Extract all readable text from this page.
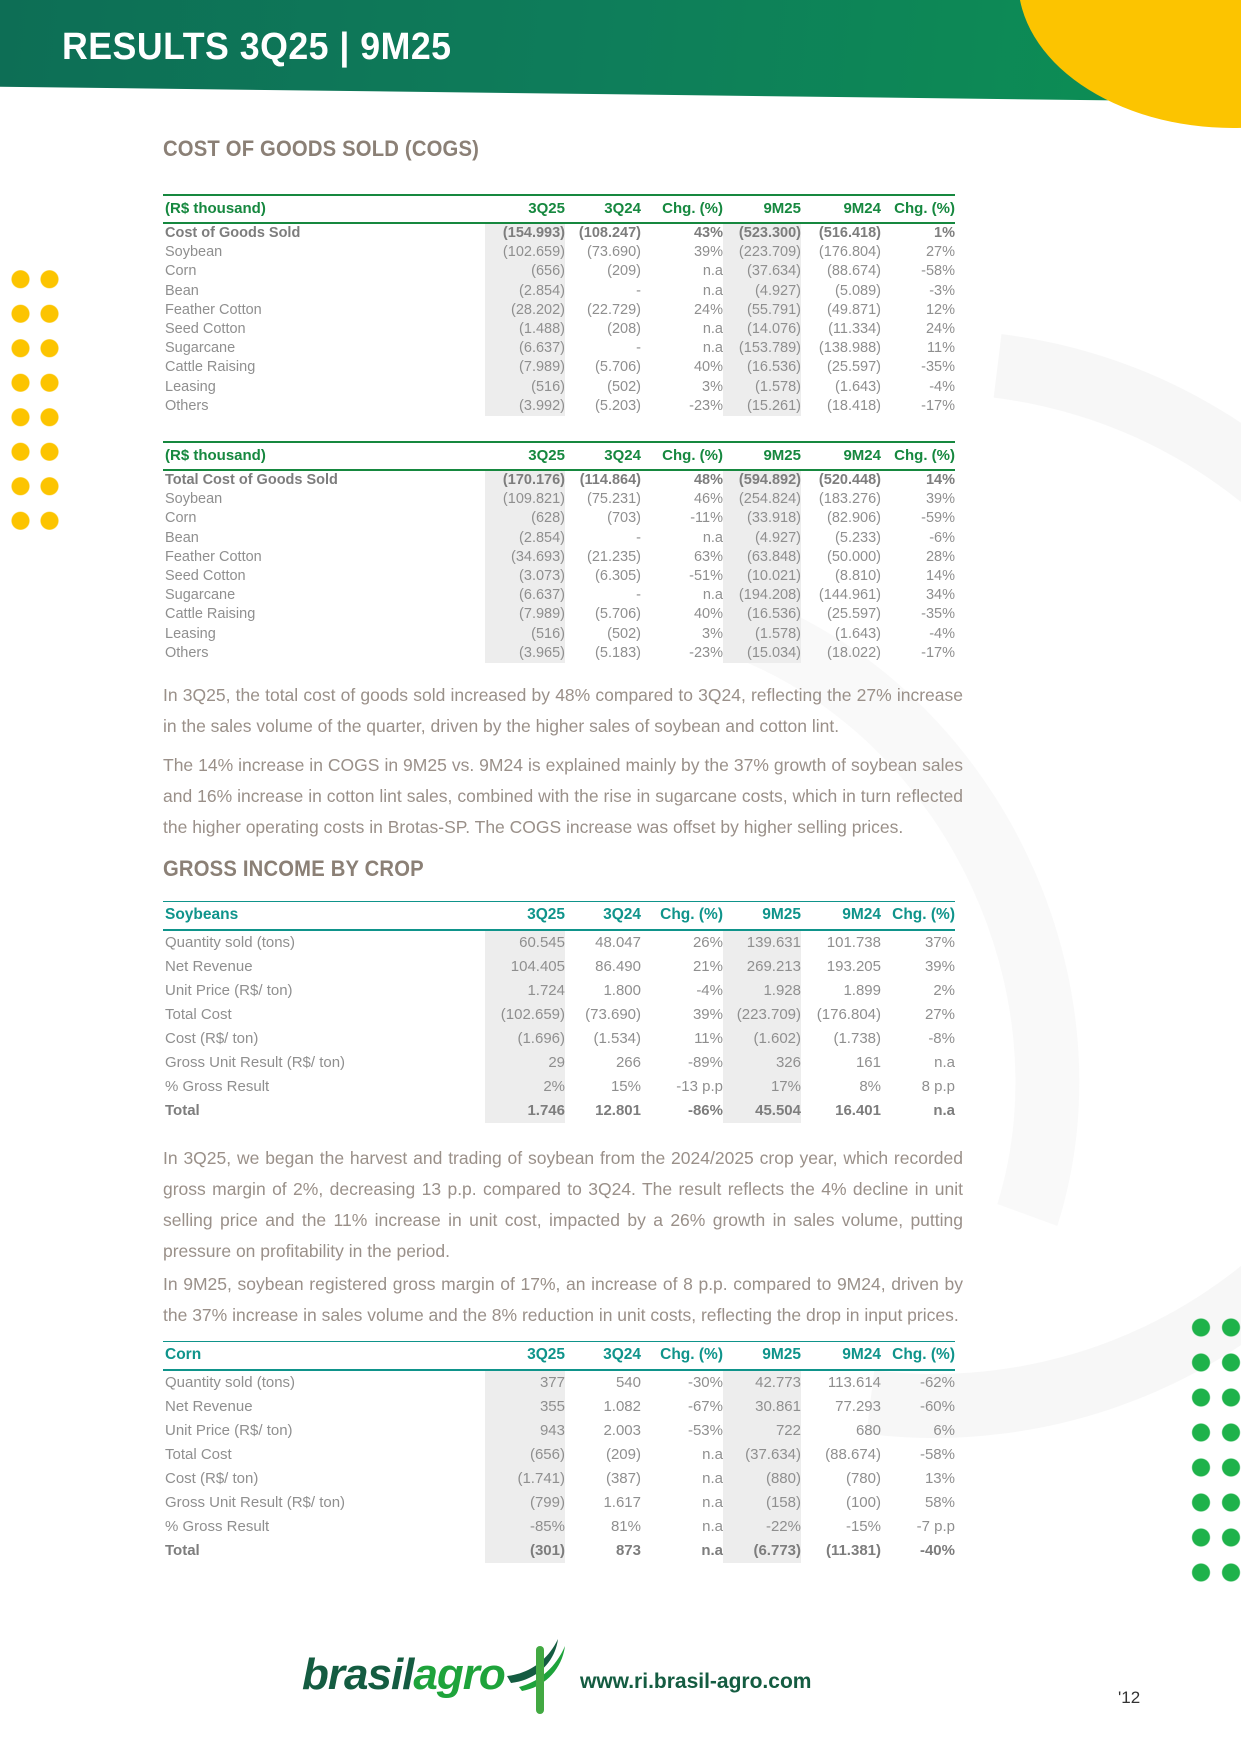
RESULTS 3Q25 | 9M25
COST OF GOODS SOLD (COGS)
(R$ thousand)	3Q25	3Q24	Chg. (%)	9M25	9M24	Chg. (%)
Cost of Goods Sold	(154.993)	(108.247)	43%	(523.300)	(516.418)	1%
Soybean	(102.659)	(73.690)	39%	(223.709)	(176.804)	27%
Corn	(656)	(209)	n.a	(37.634)	(88.674)	-58%
Bean	(2.854)	-	n.a	(4.927)	(5.089)	-3%
Feather Cotton	(28.202)	(22.729)	24%	(55.791)	(49.871)	12%
Seed Cotton	(1.488)	(208)	n.a	(14.076)	(11.334)	24%
Sugarcane	(6.637)	-	n.a	(153.789)	(138.988)	11%
Cattle Raising	(7.989)	(5.706)	40%	(16.536)	(25.597)	-35%
Leasing	(516)	(502)	3%	(1.578)	(1.643)	-4%
Others	(3.992)	(5.203)	-23%	(15.261)	(18.418)	-17%
(R$ thousand)	3Q25	3Q24	Chg. (%)	9M25	9M24	Chg. (%)
Total Cost of Goods Sold	(170.176)	(114.864)	48%	(594.892)	(520.448)	14%
Soybean	(109.821)	(75.231)	46%	(254.824)	(183.276)	39%
Corn	(628)	(703)	-11%	(33.918)	(82.906)	-59%
Bean	(2.854)	-	n.a	(4.927)	(5.233)	-6%
Feather Cotton	(34.693)	(21.235)	63%	(63.848)	(50.000)	28%
Seed Cotton	(3.073)	(6.305)	-51%	(10.021)	(8.810)	14%
Sugarcane	(6.637)	-	n.a	(194.208)	(144.961)	34%
Cattle Raising	(7.989)	(5.706)	40%	(16.536)	(25.597)	-35%
Leasing	(516)	(502)	3%	(1.578)	(1.643)	-4%
Others	(3.965)	(5.183)	-23%	(15.034)	(18.022)	-17%
In 3Q25, the total cost of goods sold increased by 48% compared to 3Q24, reflecting the 27% increase in the sales volume of the quarter, driven by the higher sales of soybean and cotton lint.
The 14% increase in COGS in 9M25 vs. 9M24 is explained mainly by the 37% growth of soybean sales and 16% increase in cotton lint sales, combined with the rise in sugarcane costs, which in turn reflected the higher operating costs in Brotas-SP. The COGS increase was offset by higher selling prices.
GROSS INCOME BY CROP
Soybeans	3Q25	3Q24	Chg. (%)	9M25	9M24	Chg. (%)
Quantity sold (tons)	60.545	48.047	26%	139.631	101.738	37%
Net Revenue	104.405	86.490	21%	269.213	193.205	39%
Unit Price (R$/ ton)	1.724	1.800	-4%	1.928	1.899	2%
Total Cost	(102.659)	(73.690)	39%	(223.709)	(176.804)	27%
Cost (R$/ ton)	(1.696)	(1.534)	11%	(1.602)	(1.738)	-8%
Gross Unit Result (R$/ ton)	29	266	-89%	326	161	n.a
% Gross Result	2%	15%	-13 p.p	17%	8%	8 p.p
Total	1.746	12.801	-86%	45.504	16.401	n.a
In 3Q25, we began the harvest and trading of soybean from the 2024/2025 crop year, which recorded gross margin of 2%, decreasing 13 p.p. compared to 3Q24. The result reflects the 4% decline in unit selling price and the 11% increase in unit cost, impacted by a 26% growth in sales volume, putting pressure on profitability in the period.
In 9M25, soybean registered gross margin of 17%, an increase of 8 p.p. compared to 9M24, driven by the 37% increase in sales volume and the 8% reduction in unit costs, reflecting the drop in input prices.
Corn	3Q25	3Q24	Chg. (%)	9M25	9M24	Chg. (%)
Quantity sold (tons)	377	540	-30%	42.773	113.614	-62%
Net Revenue	355	1.082	-67%	30.861	77.293	-60%
Unit Price (R$/ ton)	943	2.003	-53%	722	680	6%
Total Cost	(656)	(209)	n.a	(37.634)	(88.674)	-58%
Cost (R$/ ton)	(1.741)	(387)	n.a	(880)	(780)	13%
Gross Unit Result (R$/ ton)	(799)	1.617	n.a	(158)	(100)	58%
% Gross Result	-85%	81%	n.a	-22%	-15%	-7 p.p
Total	(301)	873	n.a	(6.773)	(11.381)	-40%
brasilagro	www.ri.brasil-agro.com
'12
